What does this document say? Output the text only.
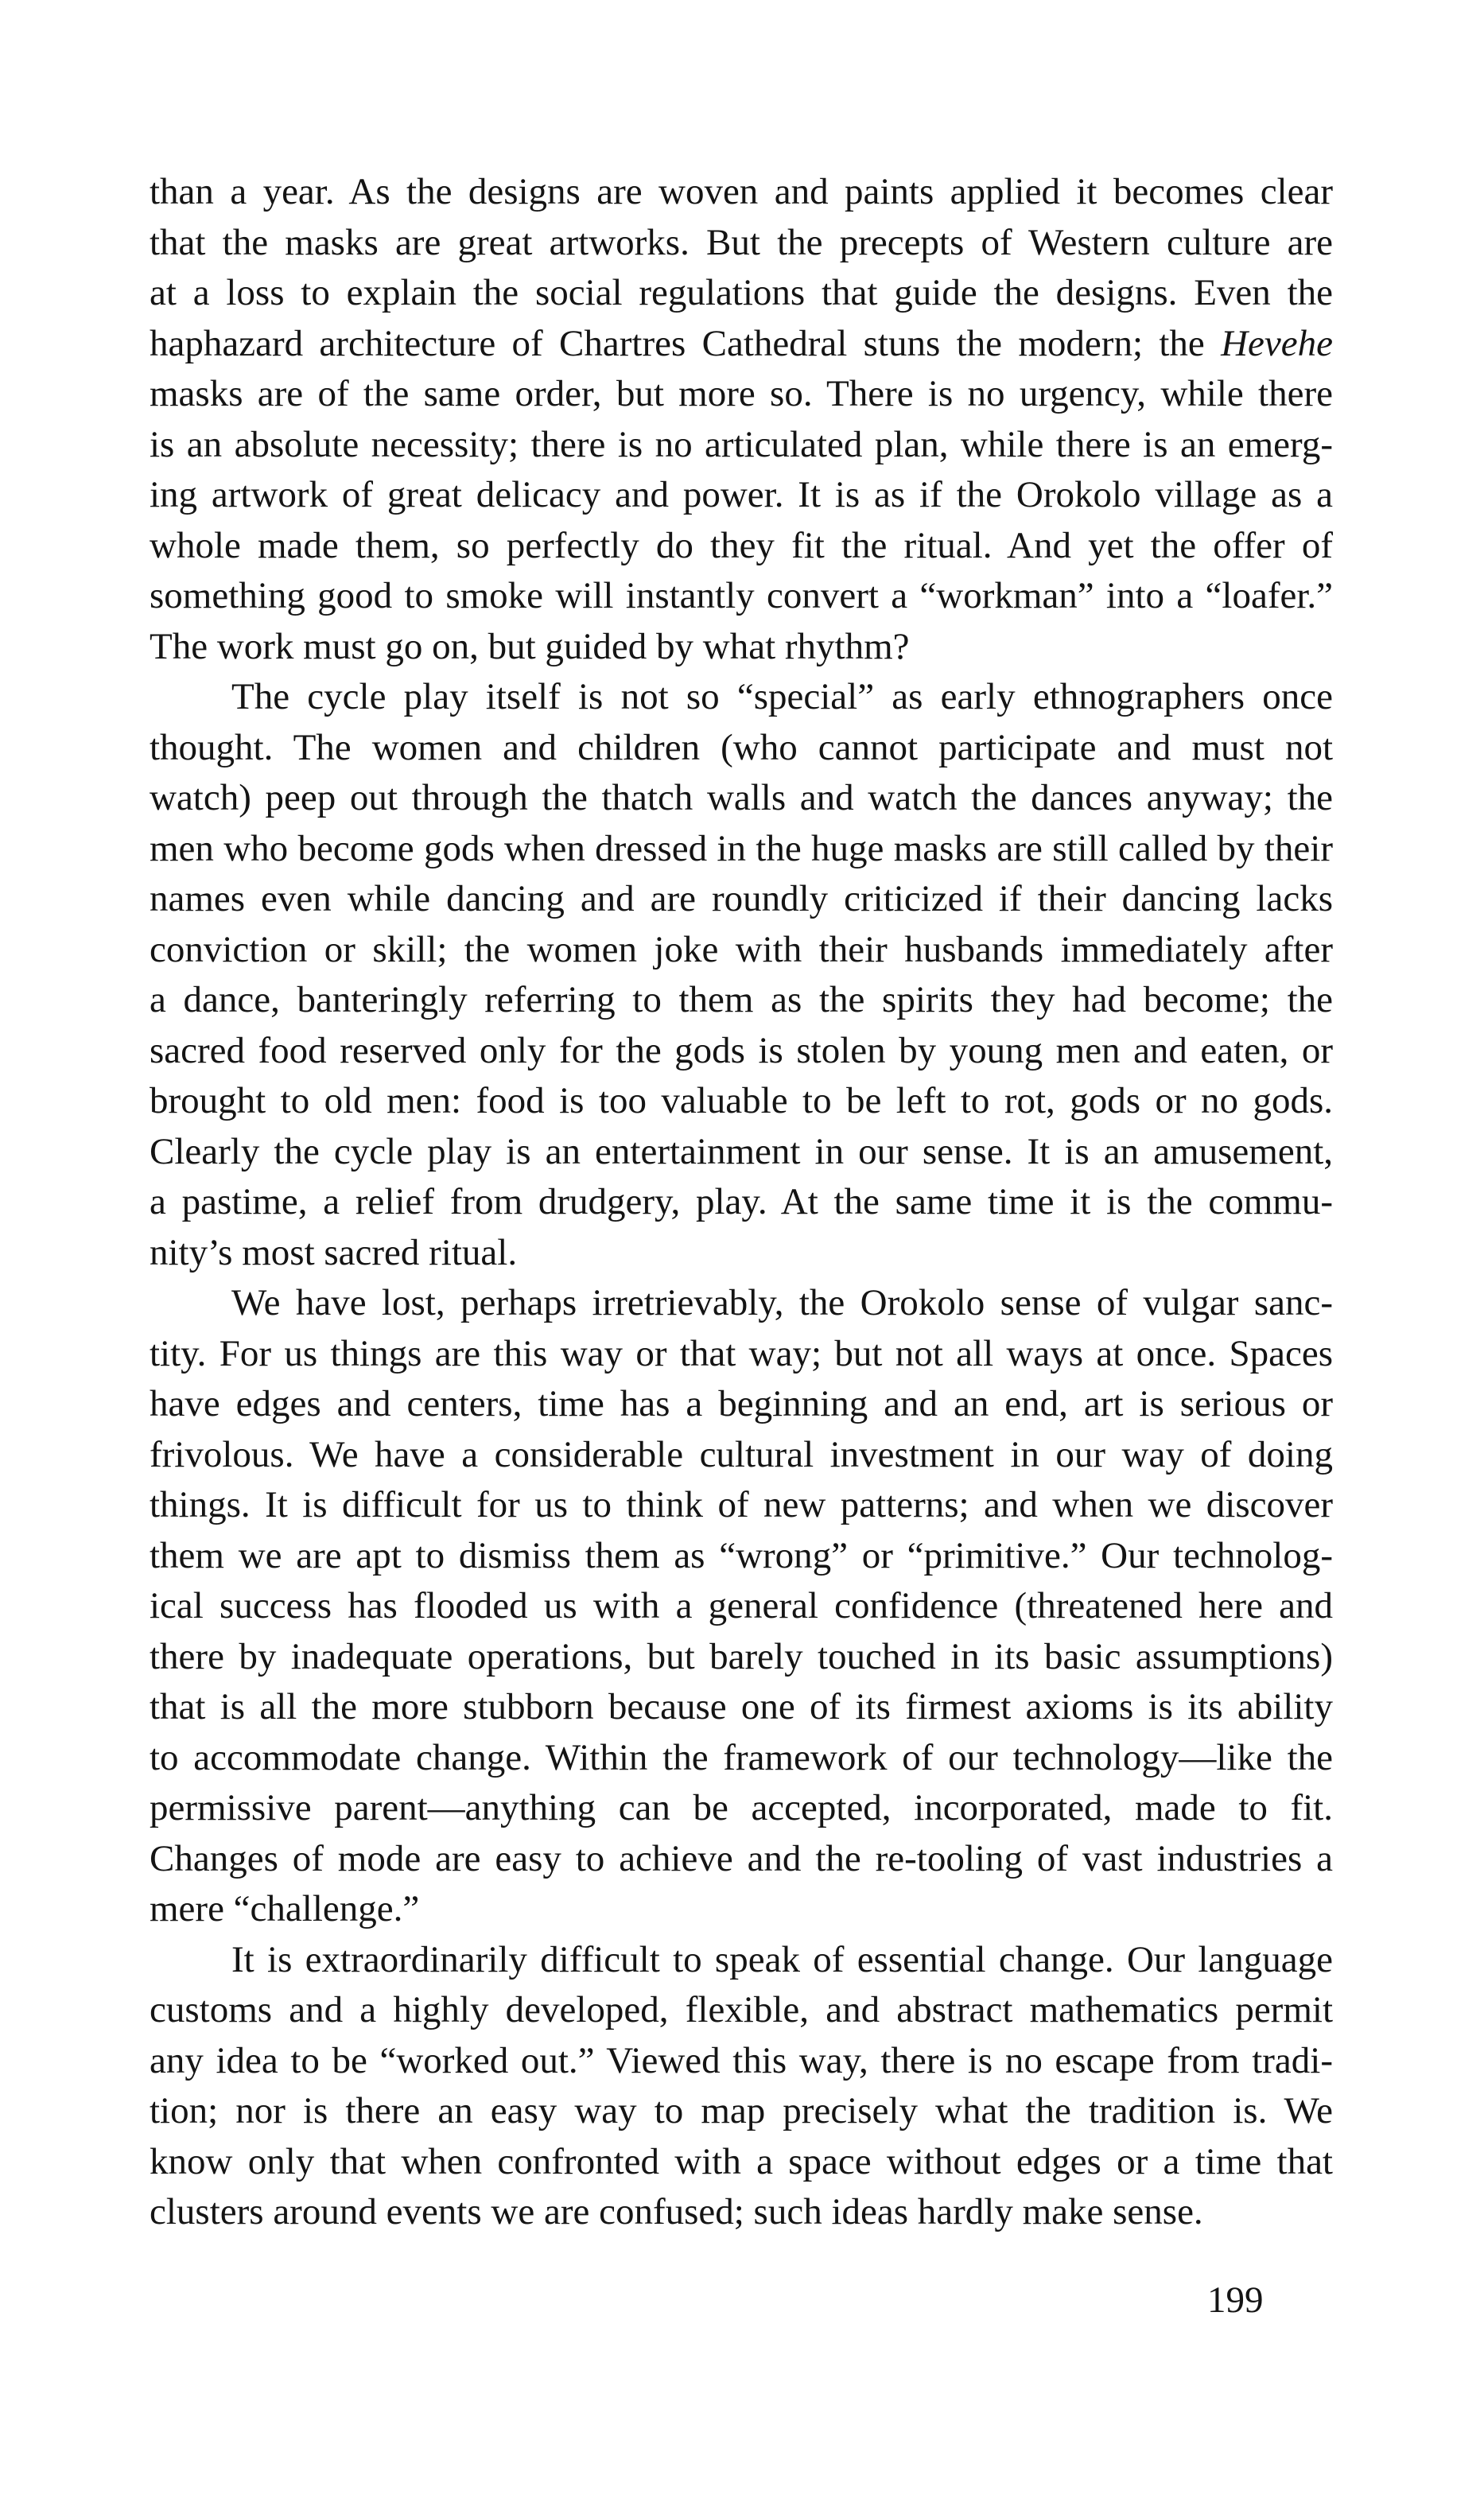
than a year. As the designs are woven and paints applied it becomes clear
that the masks are great artworks. But the precepts of Western culture are
at a loss to explain the social regulations that guide the designs. Even the
haphazard architecture of Chartres Cathedral stuns the modern; the Hevehe
masks are of the same order, but more so. There is no urgency, while there
is an absolute necessity; there is no articulated plan, while there is an emerg-
ing artwork of great delicacy and power. It is as if the Orokolo village as a
whole made them, so perfectly do they fit the ritual. And yet the offer of
something good to smoke will instantly convert a “workman” into a “loafer.”
The work must go on, but guided by what rhythm?
The cycle play itself is not so “special” as early ethnographers once
thought. The women and children (who cannot participate and must not
watch) peep out through the thatch walls and watch the dances anyway; the
men who become gods when dressed in the huge masks are still called by their
names even while dancing and are roundly criticized if their dancing lacks
conviction or skill; the women joke with their husbands immediately after
a dance, banteringly referring to them as the spirits they had become; the
sacred food reserved only for the gods is stolen by young men and eaten, or
brought to old men: food is too valuable to be left to rot, gods or no gods.
Clearly the cycle play is an entertainment in our sense. It is an amusement,
a pastime, a relief from drudgery, play. At the same time it is the commu-
nity’s most sacred ritual.
We have lost, perhaps irretrievably, the Orokolo sense of vulgar sanc-
tity. For us things are this way or that way; but not all ways at once. Spaces
have edges and centers, time has a beginning and an end, art is serious or
frivolous. We have a considerable cultural investment in our way of doing
things. It is difficult for us to think of new patterns; and when we discover
them we are apt to dismiss them as “wrong” or “primitive.” Our technolog-
ical success has flooded us with a general confidence (threatened here and
there by inadequate operations, but barely touched in its basic assumptions)
that is all the more stubborn because one of its firmest axioms is its ability
to accommodate change. Within the framework of our technology—like the
permissive parent—anything can be accepted, incorporated, made to fit.
Changes of mode are easy to achieve and the re-tooling of vast industries a
mere “challenge.”
It is extraordinarily difficult to speak of essential change. Our language
customs and a highly developed, flexible, and abstract mathematics permit
any idea to be “worked out.” Viewed this way, there is no escape from tradi-
tion; nor is there an easy way to map precisely what the tradition is. We
know only that when confronted with a space without edges or a time that
clusters around events we are confused; such ideas hardly make sense.
199
